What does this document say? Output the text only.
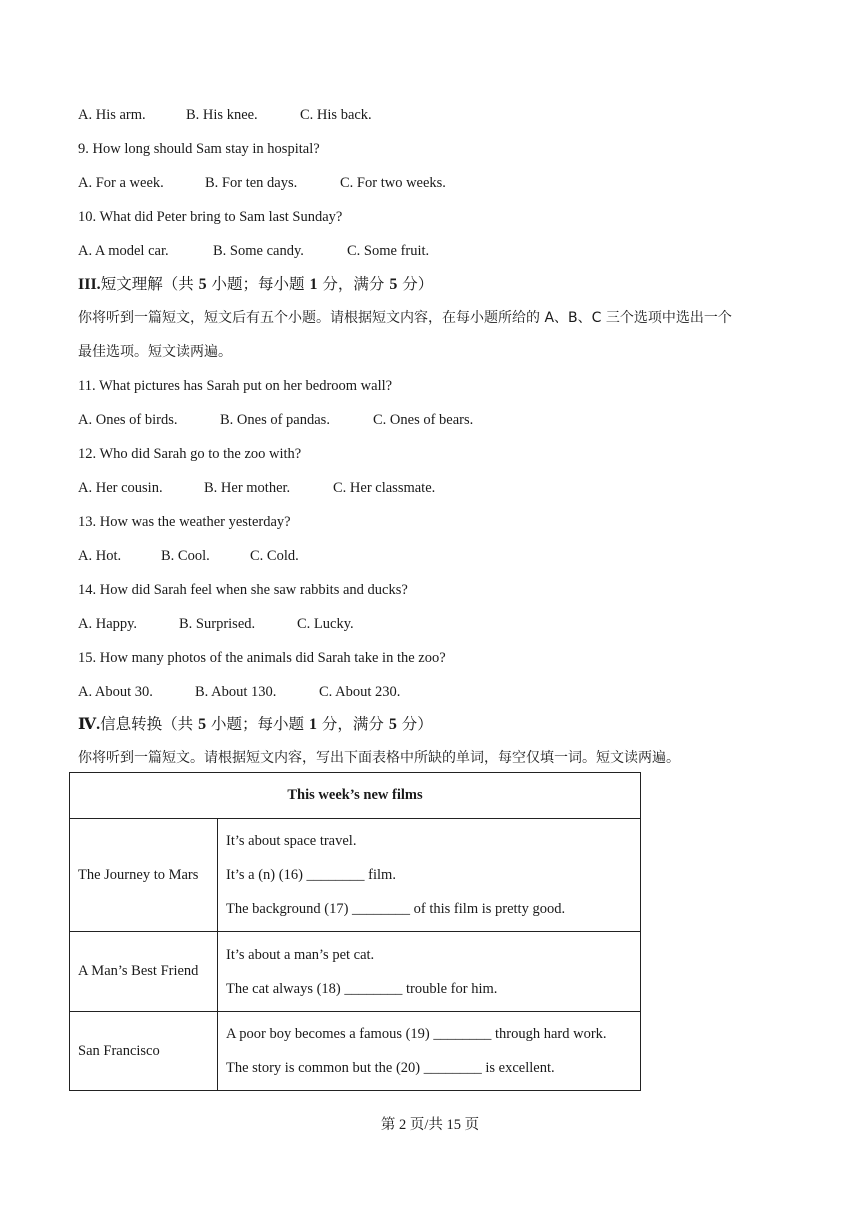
A. His arm.	B. His knee.	C. His back.
9. How long should Sam stay in hospital?
A. For a week.	B. For ten days.	C. For two weeks.
10. What did Peter bring to Sam last Sunday?
A. A model car.	B. Some candy.	C. Some fruit.
III.短文理解（共 5 小题；每小题 1 分，满分 5 分）
你将听到一篇短文，短文后有五个小题。请根据短文内容，在每小题所给的 A、B、C 三个选项中选出一个
最佳选项。短文读两遍。
11. What pictures has Sarah put on her bedroom wall?
A. Ones of birds.	B. Ones of pandas.	C. Ones of bears.
12. Who did Sarah go to the zoo with?
A. Her cousin.	B. Her mother.	C. Her classmate.
13. How was the weather yesterday?
A. Hot.	B. Cool.	C. Cold.
14. How did Sarah feel when she saw rabbits and ducks?
A. Happy.	B. Surprised.	C. Lucky.
15. How many photos of the animals did Sarah take in the zoo?
A. About 30.	B. About 130.	C. About 230.
Ⅳ.信息转换（共 5 小题；每小题 1 分，满分 5 分）
你将听到一篇短文。请根据短文内容，写出下面表格中所缺的单词，每空仅填一词。短文读两遍。
This week’s new films	
The Journey to Mars	It’s about space travel.
It’s a (n) (16) ________ film.
The background (17) ________ of this film is pretty good.

A Man’s Best Friend	It’s about a man’s pet cat.
The cat always (18) ________ trouble for him.

San Francisco	A poor boy becomes a famous (19) ________ through hard work.
The story is common but the (20) ________ is excellent.
第 2 页/共 15 页
